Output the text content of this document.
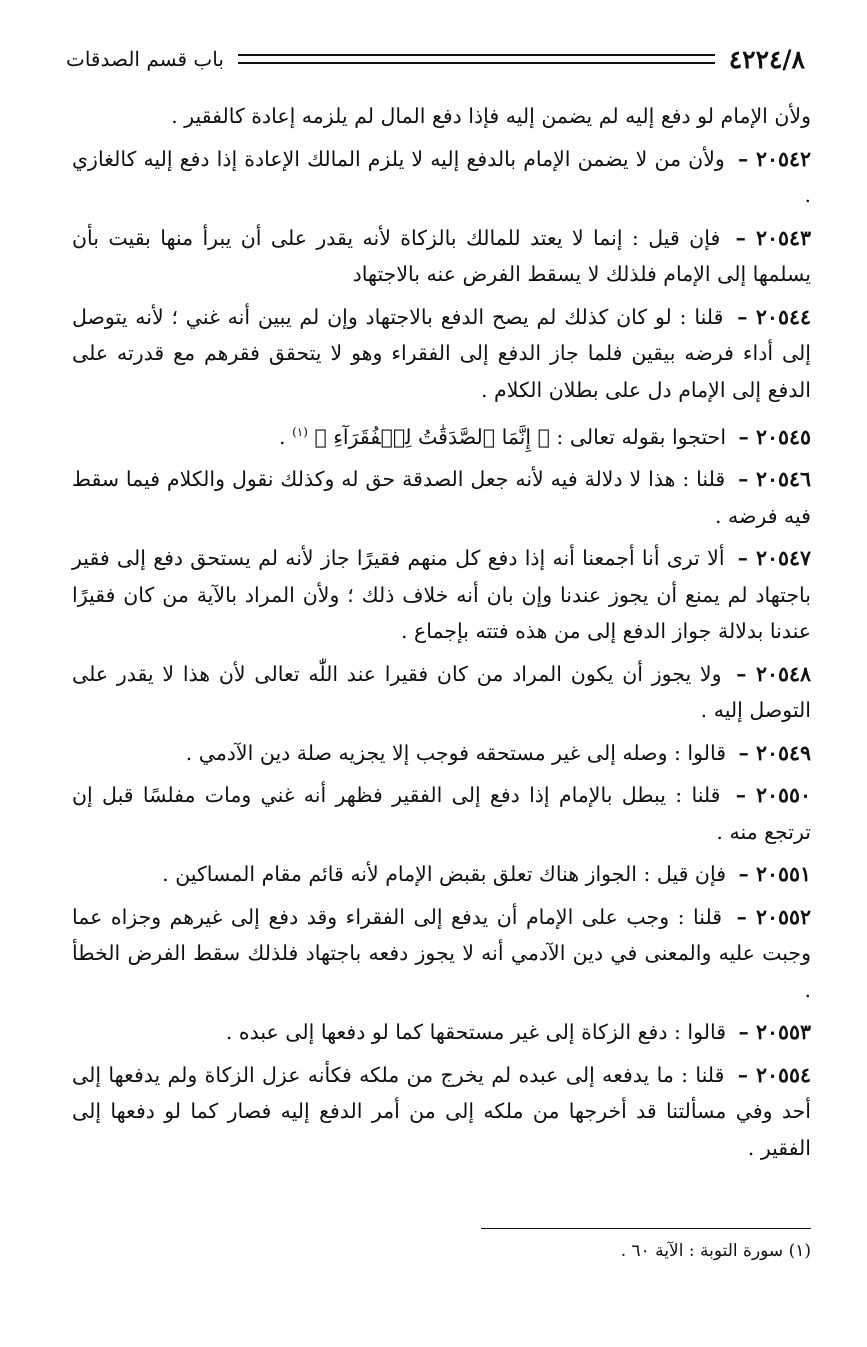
٤٢٢٤/٨
باب قسم الصدقات

ولأن الإمام لو دفع إليه لم يضمن إليه فإذا دفع المال لم يلزمه إعادة كالفقير .

٢٠٥٤٢ – ولأن من لا يضمن الإمام بالدفع إليه لا يلزم المالك الإعادة إذا دفع إليه كالغازي .

٢٠٥٤٣ – فإن قيل : إنما لا يعتد للمالك بالزكاة لأنه يقدر على أن يبرأ منها بقيت بأن يسلمها إلى الإمام فلذلك لا يسقط الفرض عنه بالاجتهاد

٢٠٥٤٤ – قلنا : لو كان كذلك لم يصح الدفع بالاجتهاد وإن لم يبين أنه غني ؛ لأنه يتوصل إلى أداء فرضه بيقين فلما جاز الدفع إلى الفقراء وهو لا يتحقق فقرهم مع قدرته على الدفع إلى الإمام دل على بطلان الكلام .

٢٠٥٤٥ – احتجوا بقوله تعالى : ﴿ إِنَّمَا ٱلصَّدَقَٰتُ لِلۡفُقَرَآءِ ﴾ $^{(١)}$ .

٢٠٥٤٦ – قلنا : هذا لا دلالة فيه لأنه جعل الصدقة حق له وكذلك نقول والكلام فيما سقط فيه فرضه .

٢٠٥٤٧ – ألا ترى أنا أجمعنا أنه إذا دفع كل منهم فقيرًا جاز لأنه لم يستحق دفع إلى فقير باجتهاد لم يمنع أن يجوز عندنا وإن بان أنه خلاف ذلك ؛ ولأن المراد بالآية من كان فقيرًا عندنا بدلالة جواز الدفع إلى من هذه فتته بإجماع .

٢٠٥٤٨ – ولا يجوز أن يكون المراد من كان فقيرا عند اللّٰه تعالى لأن هذا لا يقدر على التوصل إليه .

٢٠٥٤٩ – قالوا : وصله إلى غير مستحقه فوجب إلا يجزيه صلة دين الآدمي .

٢٠٥٥٠ – قلنا : يبطل بالإمام إذا دفع إلى الفقير فظهر أنه غني ومات مفلسًا قبل إن ترتجع منه .

٢٠٥٥١ – فإن قيل : الجواز هناك تعلق بقبض الإمام لأنه قائم مقام المساكين .

٢٠٥٥٢ – قلنا : وجب على الإمام أن يدفع إلى الفقراء وقد دفع إلى غيرهم وجزاه عما وجبت عليه والمعنى في دين الآدمي أنه لا يجوز دفعه باجتهاد فلذلك سقط الفرض الخطأ .

٢٠٥٥٣ – قالوا : دفع الزكاة إلى غير مستحقها كما لو دفعها إلى عبده .

٢٠٥٥٤ – قلنا : ما يدفعه إلى عبده لم يخرج من ملكه فكأنه عزل الزكاة ولم يدفعها إلى أحد وفي مسألتنا قد أخرجها من ملكه إلى من أمر الدفع إليه فصار كما لو دفعها إلى الفقير .

(١) سورة التوبة : الآية ٦٠ .
